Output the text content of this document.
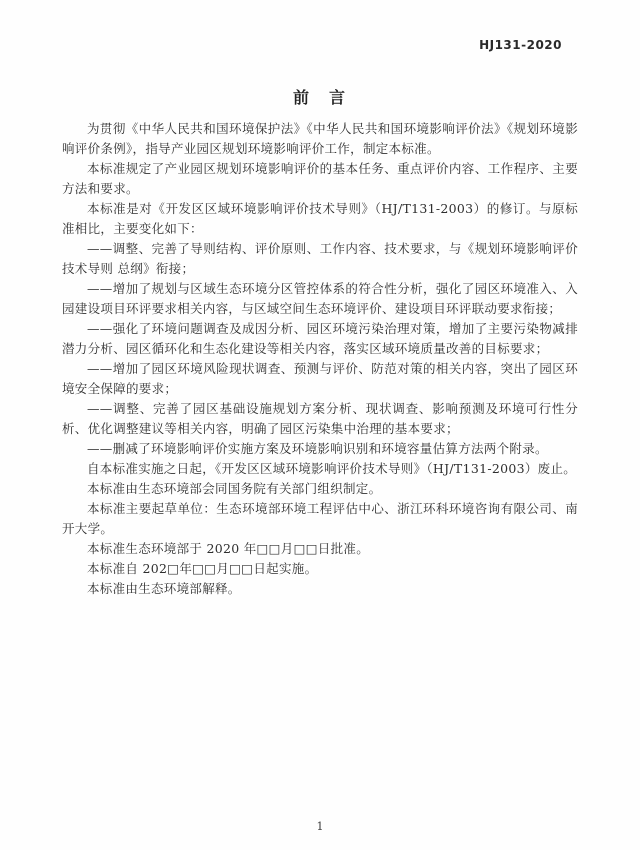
HJ131-2020
前　言

为贯彻《中华人民共和国环境保护法》《中华人民共和国环境影响评价法》《规划环境影响评价条例》，指导产业园区规划环境影响评价工作，制定本标准。

本标准规定了产业园区规划环境影响评价的基本任务、重点评价内容、工作程序、主要方法和要求。

本标准是对《开发区区域环境影响评价技术导则》（HJ/T131-2003）的修订。与原标准相比，主要变化如下：

——调整、完善了导则结构、评价原则、工作内容、技术要求，与《规划环境影响评价技术导则 总纲》衔接；

——增加了规划与区域生态环境分区管控体系的符合性分析，强化了园区环境准入、入园建设项目环评要求相关内容，与区域空间生态环境评价、建设项目环评联动要求衔接；

——强化了环境问题调查及成因分析、园区环境污染治理对策，增加了主要污染物减排潜力分析、园区循环化和生态化建设等相关内容，落实区域环境质量改善的目标要求；

——增加了园区环境风险现状调查、预测与评价、防范对策的相关内容，突出了园区环境安全保障的要求；

——调整、完善了园区基础设施规划方案分析、现状调查、影响预测及环境可行性分析、优化调整建议等相关内容，明确了园区污染集中治理的基本要求；

——删减了环境影响评价实施方案及环境影响识别和环境容量估算方法两个附录。

自本标准实施之日起，《开发区区域环境影响评价技术导则》（HJ/T131-2003）废止。

本标准由生态环境部会同国务院有关部门组织制定。

本标准主要起草单位：生态环境部环境工程评估中心、浙江环科环境咨询有限公司、南开大学。

本标准生态环境部于 2020 年□□月□□日批准。

本标准自 202□年□□月□□日起实施。

本标准由生态环境部解释。

1
